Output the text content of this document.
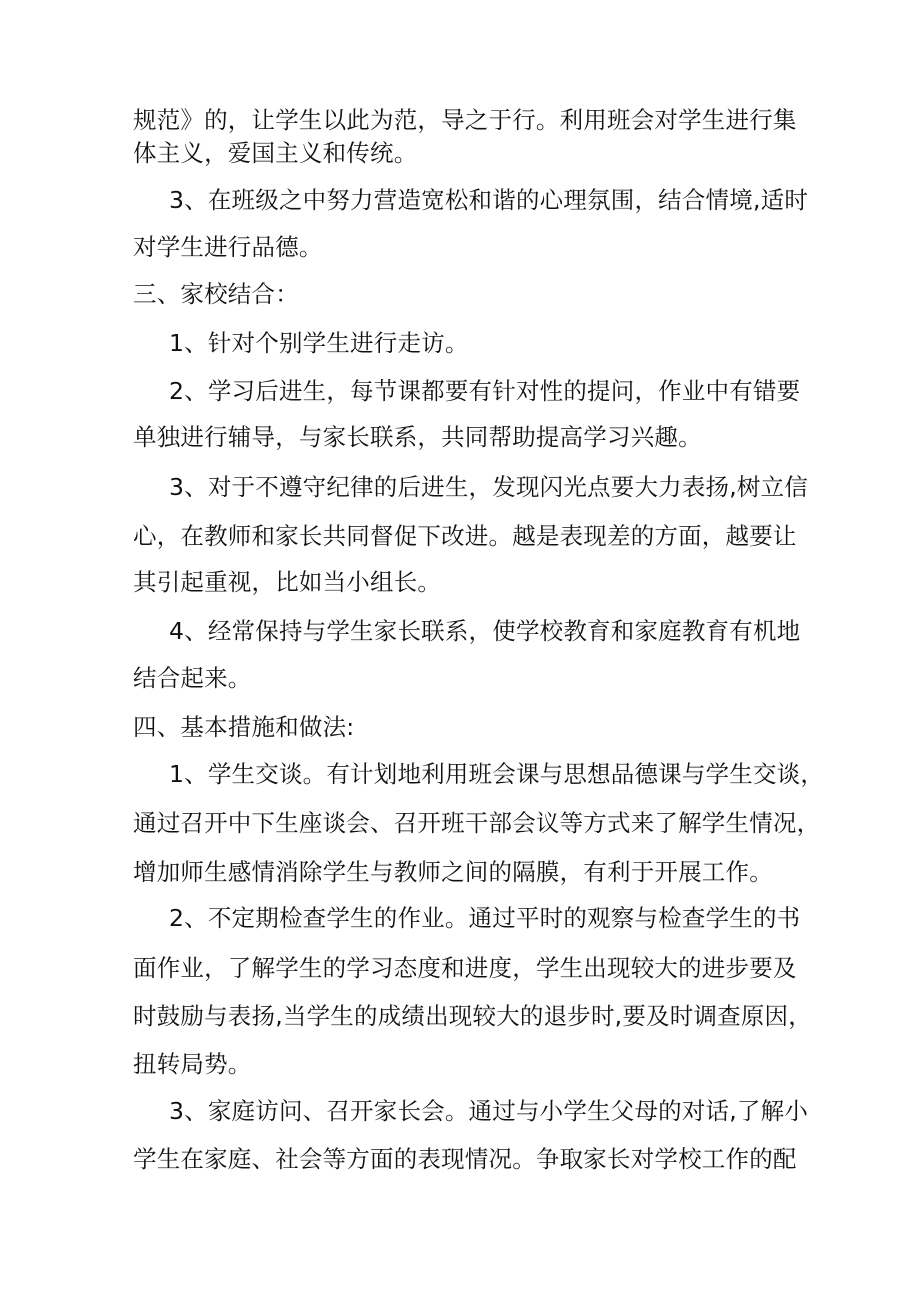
规范》的，让学生以此为范，导之于行。利用班会对学生进行集
体主义，爱国主义和传统。
3、在班级之中努力营造宽松和谐的心理氛围，结合情境,适时
对学生进行品德。
三、家校结合：
1、针对个别学生进行走访。
2、学习后进生，每节课都要有针对性的提问，作业中有错要
单独进行辅导，与家长联系，共同帮助提高学习兴趣。
3、对于不遵守纪律的后进生，发现闪光点要大力表扬,树立信
心，在教师和家长共同督促下改进。越是表现差的方面，越要让
其引起重视，比如当小组长。
4、经常保持与学生家长联系，使学校教育和家庭教育有机地
结合起来。
四、基本措施和做法:
1、学生交谈。有计划地利用班会课与思想品德课与学生交谈，
通过召开中下生座谈会、召开班干部会议等方式来了解学生情况，
增加师生感情消除学生与教师之间的隔膜，有利于开展工作。
2、不定期检查学生的作业。通过平时的观察与检查学生的书
面作业，了解学生的学习态度和进度，学生出现较大的进步要及
时鼓励与表扬,当学生的成绩出现较大的退步时,要及时调查原因，
扭转局势。
3、家庭访问、召开家长会。通过与小学生父母的对话,了解小
学生在家庭、社会等方面的表现情况。争取家长对学校工作的配
